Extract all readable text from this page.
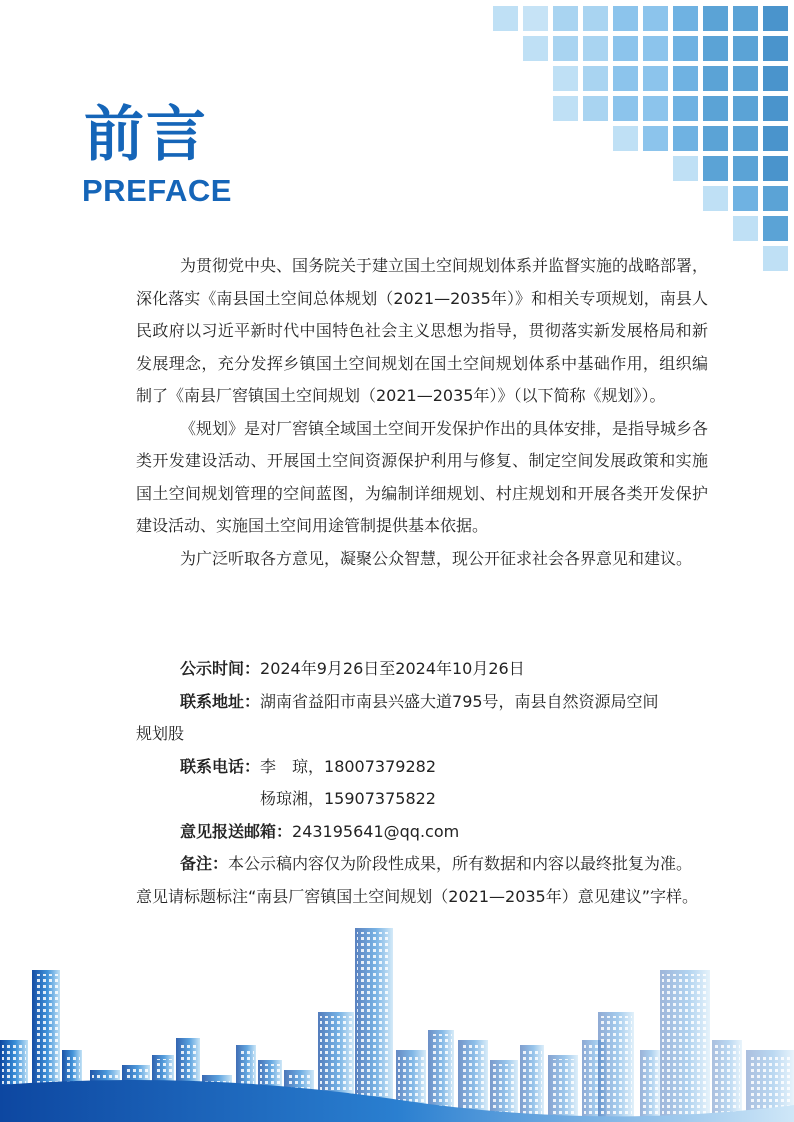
前言
PREFACE

为贯彻党中央、国务院关于建立国土空间规划体系并监督实施的战略部署，深化落实《南县国土空间总体规划（2021—2035年）》和相关专项规划，南县人民政府以习近平新时代中国特色社会主义思想为指导，贯彻落实新发展格局和新发展理念，充分发挥乡镇国土空间规划在国土空间规划体系中基础作用，组织编制了《南县厂窖镇国土空间规划（2021—2035年）》（以下简称《规划》）。

《规划》是对厂窖镇全域国土空间开发保护作出的具体安排，是指导城乡各类开发建设活动、开展国土空间资源保护利用与修复、制定空间发展政策和实施国土空间规划管理的空间蓝图，为编制详细规划、村庄规划和开展各类开发保护建设活动、实施国土空间用途管制提供基本依据。

为广泛听取各方意见，凝聚公众智慧，现公开征求社会各界意见和建议。

公示时间：2024年9月26日至2024年10月26日
联系地址：湖南省益阳市南县兴盛大道795号，南县自然资源局空间
规划股
联系电话：李　琼，18007379282
杨琼湘，15907375822
意见报送邮箱：243195641@qq.com
备注：本公示稿内容仅为阶段性成果，所有数据和内容以最终批复为准。
意见请标题标注“南县厂窖镇国土空间规划（2021—2035年）意见建议”字样。
